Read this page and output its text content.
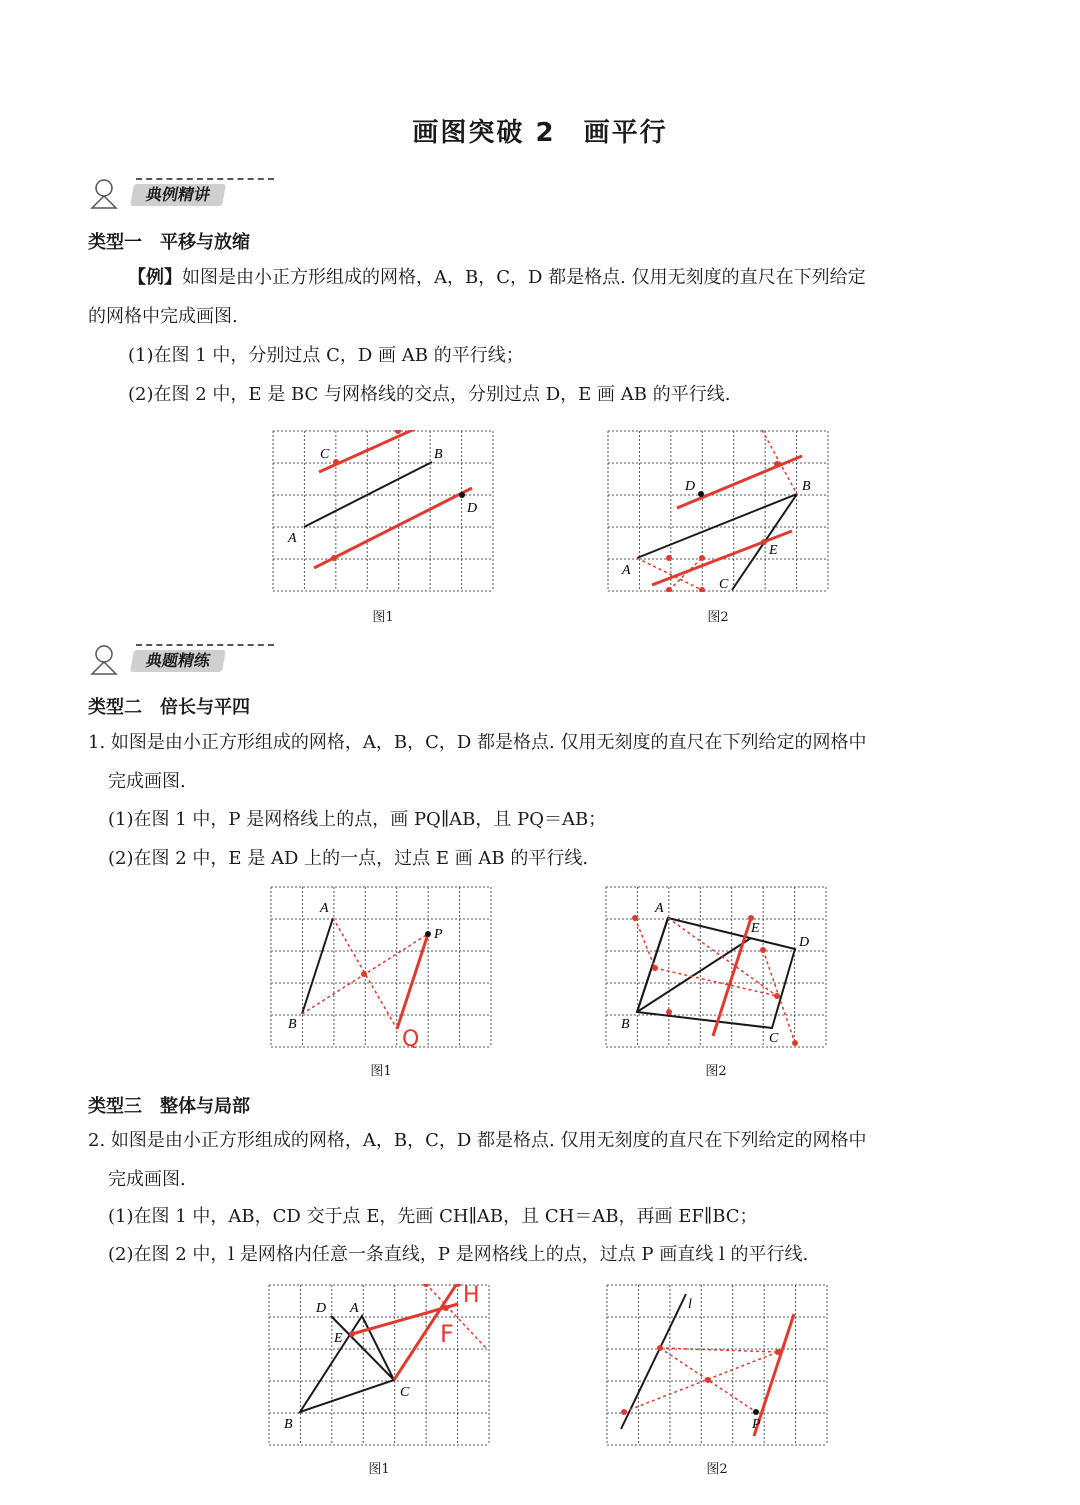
画图突破 2　画平行
典例精讲
类型一　平移与放缩
【例】如图是由小正方形组成的网格，A，B，C，D 都是格点. 仅用无刻度的直尺在下列给定
的网格中完成画图.
(1)在图 1 中，分别过点 C，D 画 AB 的平行线；
(2)在图 2 中，E 是 BC 与网格线的交点，分别过点 D，E 画 AB 的平行线.
C	B
D
A
图1
D	B
E
A
C
图2
典题精练
类型二　倍长与平四
1. 如图是由小正方形组成的网格，A，B，C，D 都是格点. 仅用无刻度的直尺在下列给定的网格中
完成画图.
(1)在图 1 中，P 是网格线上的点，画 PQ∥AB，且 PQ＝AB；
(2)在图 2 中，E 是 AD 上的一点，过点 E 画 AB 的平行线.
A
P
B
Q
图1
A
E
D
B
C
图2
类型三　整体与局部
2. 如图是由小正方形组成的网格，A，B，C，D 都是格点. 仅用无刻度的直尺在下列给定的网格中
完成画图.
(1)在图 1 中，AB，CD 交于点 E，先画 CH∥AB，且 CH＝AB，再画 EF∥BC；
(2)在图 2 中，l 是网格内任意一条直线，P 是网格线上的点，过点 P 画直线 l 的平行线.
D A
E
C
B
H
F
图1
l
P
图2
